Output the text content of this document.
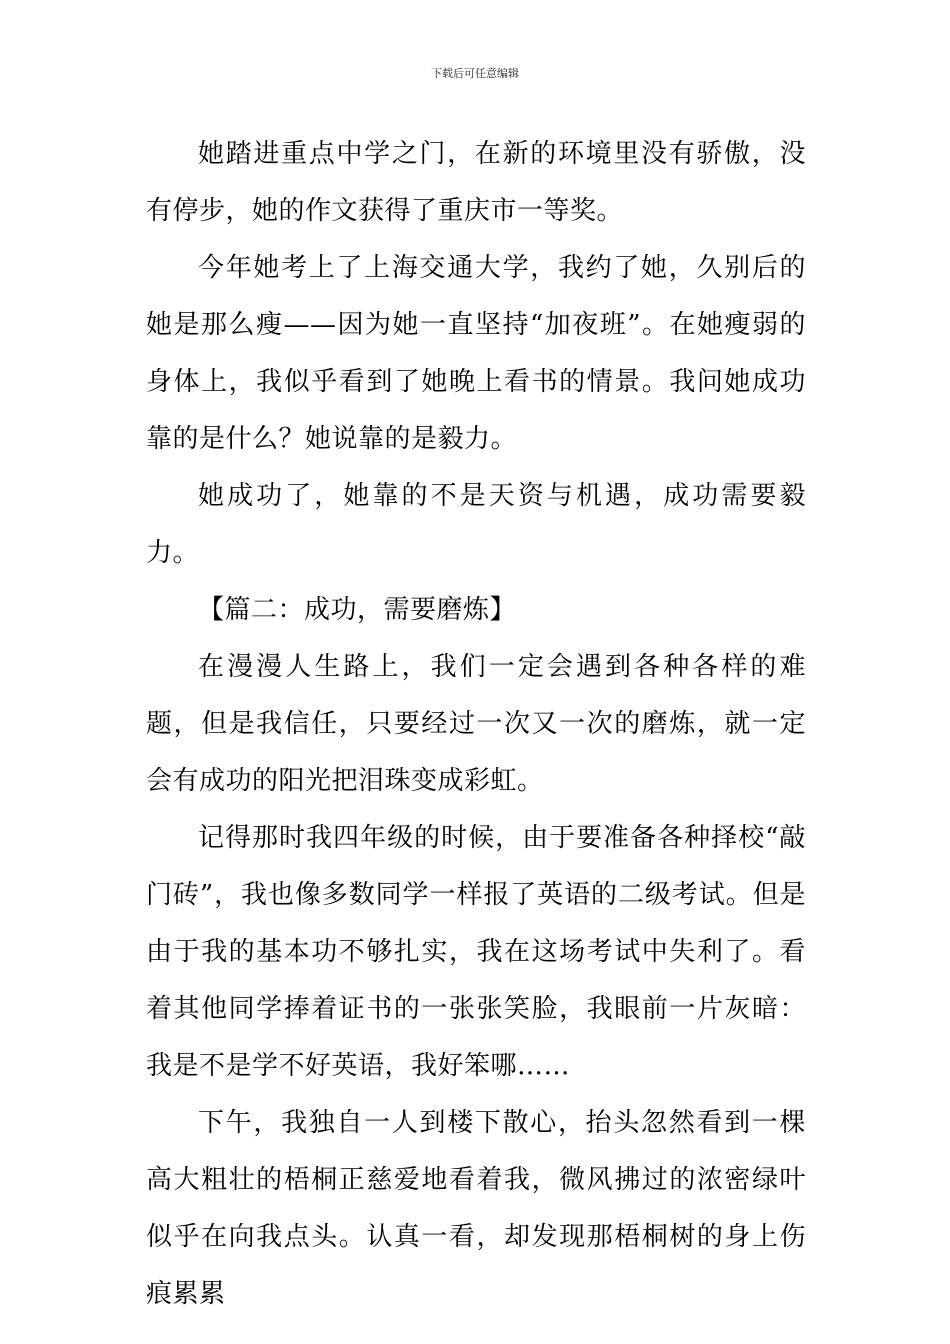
下载后可任意编辑

她踏进重点中学之门，在新的环境里没有骄傲，没有停步，她的作文获得了重庆市一等奖。

今年她考上了上海交通大学，我约了她，久别后的她是那么瘦——因为她一直坚持“加夜班”。在她瘦弱的身体上，我似乎看到了她晚上看书的情景。我问她成功靠的是什么？她说靠的是毅力。

她成功了，她靠的不是天资与机遇，成功需要毅力。

【篇二：成功，需要磨炼】

在漫漫人生路上，我们一定会遇到各种各样的难题，但是我信任，只要经过一次又一次的磨炼，就一定会有成功的阳光把泪珠变成彩虹。

记得那时我四年级的时候，由于要准备各种择校“敲门砖”，我也像多数同学一样报了英语的二级考试。但是由于我的基本功不够扎实，我在这场考试中失利了。看着其他同学捧着证书的一张张笑脸，我眼前一片灰暗：我是不是学不好英语，我好笨哪……

下午，我独自一人到楼下散心，抬头忽然看到一棵高大粗壮的梧桐正慈爱地看着我，微风拂过的浓密绿叶似乎在向我点头。认真一看，却发现那梧桐树的身上伤痕累累
